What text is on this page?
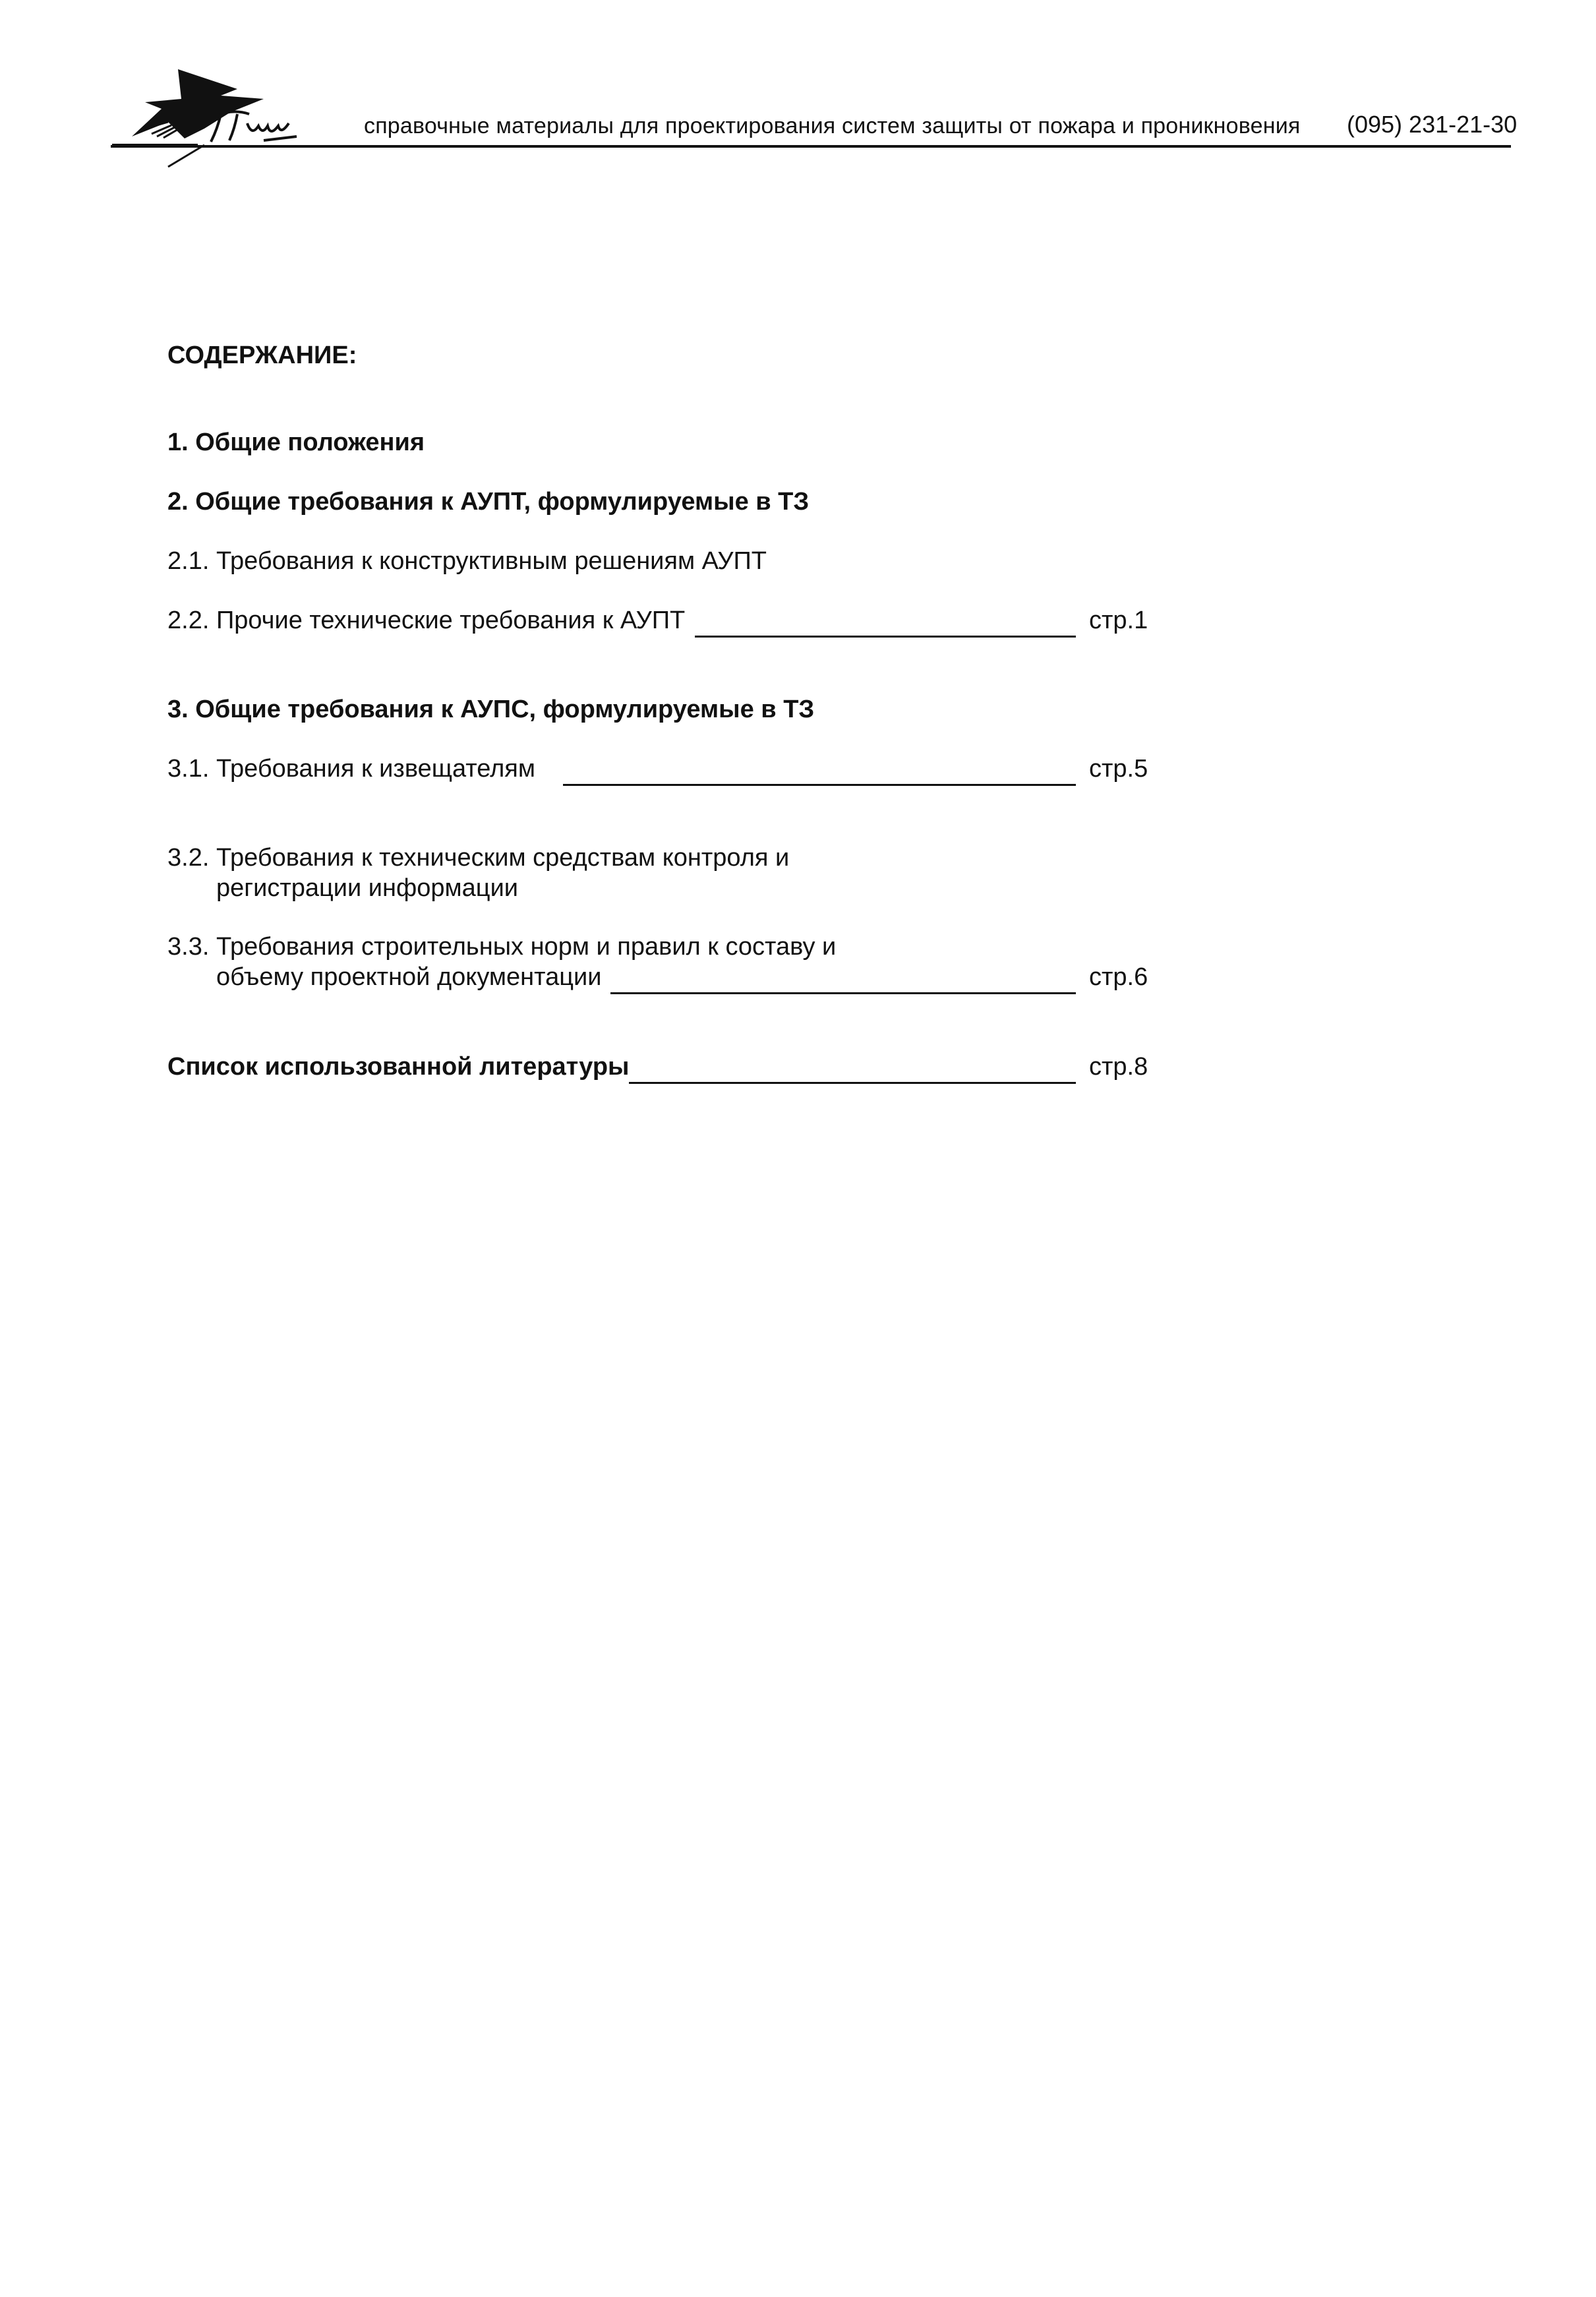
справочные материалы для проектирования систем защиты от пожара и проникновения (095) 231-21-30
СОДЕРЖАНИЕ:
1. Общие положения
2. Общие требования к АУПТ, формулируемые в ТЗ
2.1. Требования к конструктивным решениям АУПТ
2.2. Прочие технические требования к АУПТ	стр.1
3. Общие требования к АУПС, формулируемые в ТЗ
3.1. Требования к извещателям	стр.5
3.2. Требования к техническим средствам контроля и
регистрации информации
3.3. Требования строительных норм и правил к составу и
объему проектной документации	стр.6
Список использованной литературы	стр.8
